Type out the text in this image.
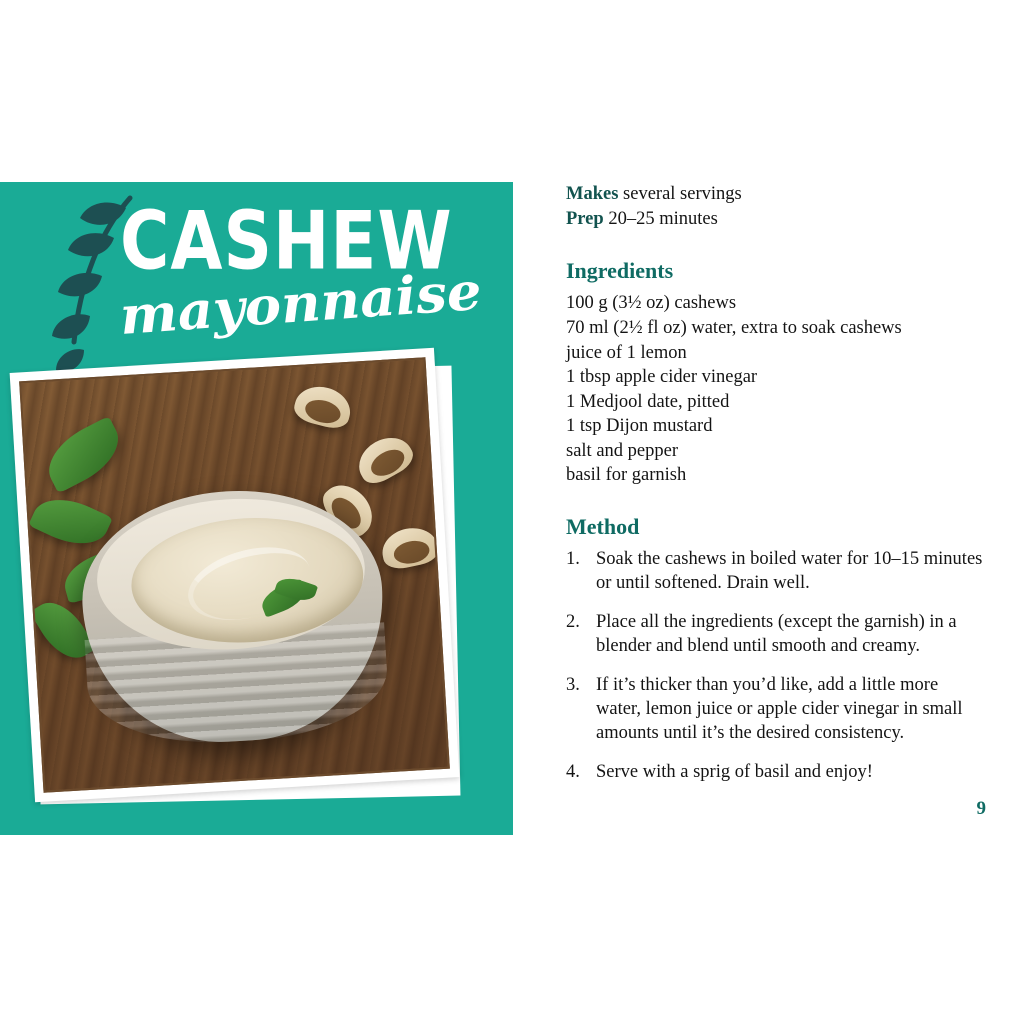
CASHEW
mayonnaise
Makes several servings
Prep 20–25 minutes
Ingredients
100 g (3½ oz) cashews
70 ml (2½ fl oz) water, extra to soak cashews
juice of 1 lemon
1 tbsp apple cider vinegar
1 Medjool date, pitted
1 tsp Dijon mustard
salt and pepper
basil for garnish
Method
1. Soak the cashews in boiled water for 10–15 minutes or until softened. Drain well.
2. Place all the ingredients (except the garnish) in a blender and blend until smooth and creamy.
3. If it’s thicker than you’d like, add a little more water, lemon juice or apple cider vinegar in small amounts until it’s the desired consistency.
4. Serve with a sprig of basil and enjoy!
9
